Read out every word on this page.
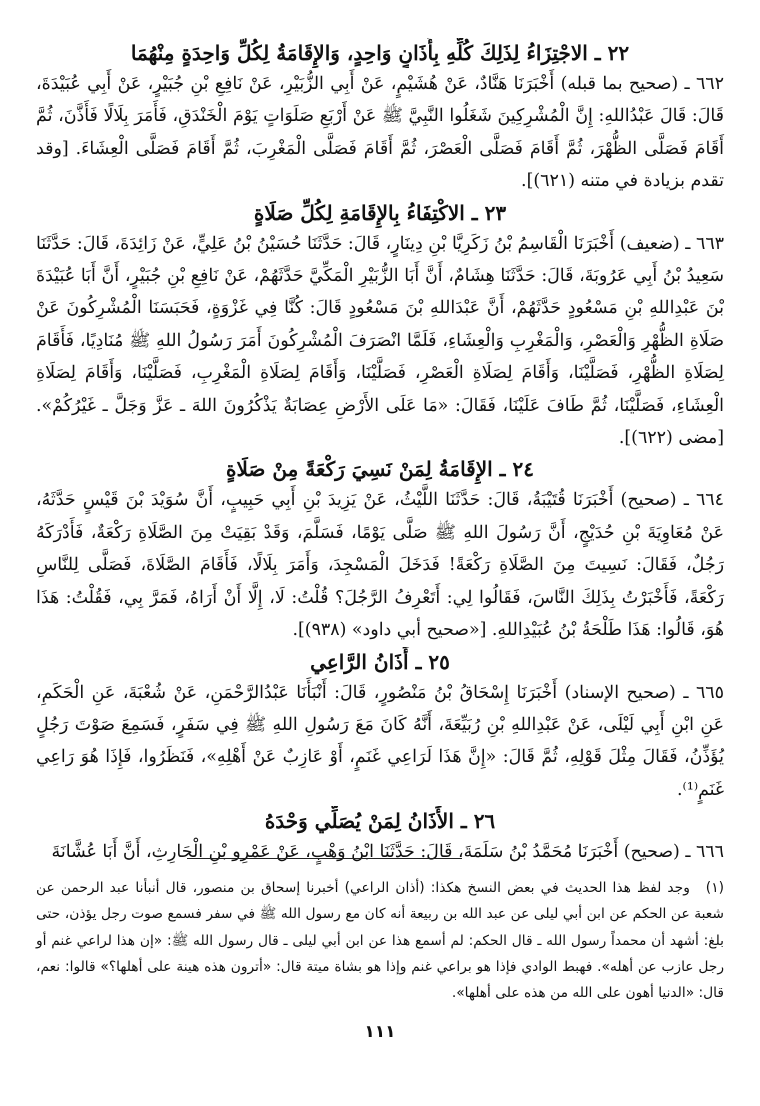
٢٢ ـ الاجْتِزَاءُ لِذَلِكَ كُلِّهِ بِأَذَانٍ وَاحِدٍ، وَالإِقَامَةُ لِكُلِّ وَاحِدَةٍ مِنْهُمَا

٦٦٢ ـ (صحيح بما قبله) أَخْبَرَنَا هَنَّادٌ، عَنْ هُشَيْمٍ، عَنْ أَبِي الزُّبَيْرِ، عَنْ نَافِعِ بْنِ جُبَيْرٍ، عَنْ أَبِي عُبَيْدَةَ، قَالَ: قَالَ عَبْدُاللهِ: إِنَّ الْمُشْرِكِينَ شَغَلُوا النَّبِيَّ ﷺ عَنْ أَرْبَعِ صَلَوَاتٍ يَوْمَ الْخَنْدَقِ، فَأَمَرَ بِلَالًا فَأَذَّنَ، ثُمَّ أَقَامَ فَصَلَّى الظُّهْرَ، ثُمَّ أَقَامَ فَصَلَّى الْعَصْرَ، ثُمَّ أَقَامَ فَصَلَّى الْمَغْرِبَ، ثُمَّ أَقَامَ فَصَلَّى الْعِشَاءَ. [وقد تقدم بزيادة في متنه (٦٢١)].

٢٣ ـ الاكْتِفَاءُ بِالإِقَامَةِ لِكُلِّ صَلَاةٍ

٦٦٣ ـ (ضعيف) أَخْبَرَنَا الْقَاسِمُ بْنُ زَكَرِيَّا بْنِ دِينَارٍ، قَالَ: حَدَّثَنَا حُسَيْنُ بْنُ عَلِيٍّ، عَنْ زَائِدَةَ، قَالَ: حَدَّثَنَا سَعِيدُ بْنُ أَبِي عَرُوبَةَ، قَالَ: حَدَّثَنَا هِشَامٌ، أَنَّ أَبَا الزُّبَيْرِ الْمَكِّيَّ حَدَّثَهُمْ، عَنْ نَافِعِ بْنِ جُبَيْرٍ، أَنَّ أَبَا عُبَيْدَةَ بْنَ عَبْدِاللهِ بْنِ مَسْعُودٍ حَدَّثَهُمْ، أَنَّ عَبْدَاللهِ بْنَ مَسْعُودٍ قَالَ: كُنَّا فِي غَزْوَةٍ، فَحَبَسَنَا الْمُشْرِكُونَ عَنْ صَلَاةِ الظُّهْرِ وَالْعَصْرِ، وَالْمَغْرِبِ وَالْعِشَاءِ، فَلَمَّا انْصَرَفَ الْمُشْرِكُونَ أَمَرَ رَسُولُ اللهِ ﷺ مُنَادِيًا، فَأَقَامَ لِصَلَاةِ الظُّهْرِ، فَصَلَّيْنَا، وَأَقَامَ لِصَلَاةِ الْعَصْرِ، فَصَلَّيْنَا، وَأَقَامَ لِصَلَاةِ الْمَغْرِبِ، فَصَلَّيْنَا، وَأَقَامَ لِصَلَاةِ الْعِشَاءِ، فَصَلَّيْنَا، ثُمَّ طَافَ عَلَيْنَا، فَقَالَ: «مَا عَلَى الأَرْضِ عِصَابَةٌ يَذْكُرُونَ اللهَ ـ عَزَّ وَجَلَّ ـ غَيْرُكُمْ». [مضى (٦٢٢)].

٢٤ ـ الإِقَامَةُ لِمَنْ نَسِيَ رَكْعَةً مِنْ صَلَاةٍ

٦٦٤ ـ (صحيح) أَخْبَرَنَا قُتَيْبَةُ، قَالَ: حَدَّثَنَا اللَّيْثُ، عَنْ يَزِيدَ بْنِ أَبِي حَبِيبٍ، أَنَّ سُوَيْدَ بْنَ قَيْسٍ حَدَّثَهُ، عَنْ مُعَاوِيَةَ بْنِ حُدَيْجٍ، أَنَّ رَسُولَ اللهِ ﷺ صَلَّى يَوْمًا، فَسَلَّمَ، وَقَدْ بَقِيَتْ مِنَ الصَّلَاةِ رَكْعَةٌ، فَأَدْرَكَهُ رَجُلٌ، فَقَالَ: نَسِيتَ مِنَ الصَّلَاةِ رَكْعَةً! فَدَخَلَ الْمَسْجِدَ، وَأَمَرَ بِلَالًا، فَأَقَامَ الصَّلَاةَ، فَصَلَّى لِلنَّاسِ رَكْعَةً، فَأَخْبَرْتُ بِذَلِكَ النَّاسَ، فَقَالُوا لِي: أَتَعْرِفُ الرَّجُلَ؟ قُلْتُ: لَا، إِلَّا أَنْ أَرَاهُ، فَمَرَّ بِي، فَقُلْتُ: هَذَا هُوَ، قَالُوا: هَذَا طَلْحَةُ بْنُ عُبَيْدِاللهِ. [«صحيح أبي داود» (٩٣٨)].

٢٥ ـ أَذَانُ الرَّاعِي

٦٦٥ ـ (صحيح الإسناد) أَخْبَرَنَا إِسْحَاقُ بْنُ مَنْصُورٍ، قَالَ: أَنْبَأَنَا عَبْدُالرَّحْمَنِ، عَنْ شُعْبَةَ، عَنِ الْحَكَمِ، عَنِ ابْنِ أَبِي لَيْلَى، عَنْ عَبْدِاللهِ بْنِ رُبَيِّعَةَ، أَنَّهُ كَانَ مَعَ رَسُولِ اللهِ ﷺ فِي سَفَرٍ، فَسَمِعَ صَوْتَ رَجُلٍ يُؤَذِّنُ، فَقَالَ مِثْلَ قَوْلِهِ، ثُمَّ قَالَ: «إِنَّ هَذَا لَرَاعِي غَنَمٍ، أَوْ عَازِبٌ عَنْ أَهْلِهِ»، فَنَظَرُوا، فَإِذَا هُوَ رَاعِي غَنَمٍ⁽¹⁾.

٢٦ ـ الأَذَانُ لِمَنْ يُصَلِّي وَحْدَهُ

٦٦٦ ـ (صحيح) أَخْبَرَنَا مُحَمَّدُ بْنُ سَلَمَةَ، قَالَ: حَدَّثَنَا ابْنُ وَهْبٍ، عَنْ عَمْرِو بْنِ الْحَارِثِ، أَنَّ أَبَا عُشَّانَةَ

(١) وجد لفظ هذا الحديث في بعض النسخ هكذا: (أذان الراعي) أخبرنا إسحاق بن منصور، قال أنبأنا عبد الرحمن عن شعبة عن الحكم عن ابن أبي ليلى عن عبد الله بن ربيعة أنه كان مع رسول الله ﷺ في سفر فسمع صوت رجل يؤذن، حتى بلغ: أشهد أن محمداً رسول الله ـ قال الحكم: لم أسمع هذا عن ابن أبي ليلى ـ قال رسول الله ﷺ: «إن هذا لراعي غنم أو رجل عازب عن أهله». فهبط الوادي فإذا هو براعي غنم وإذا هو بشاة ميتة قال: «أترون هذه هينة على أهلها؟» قالوا: نعم، قال: «الدنيا أهون على الله من هذه على أهلها».

١١١
